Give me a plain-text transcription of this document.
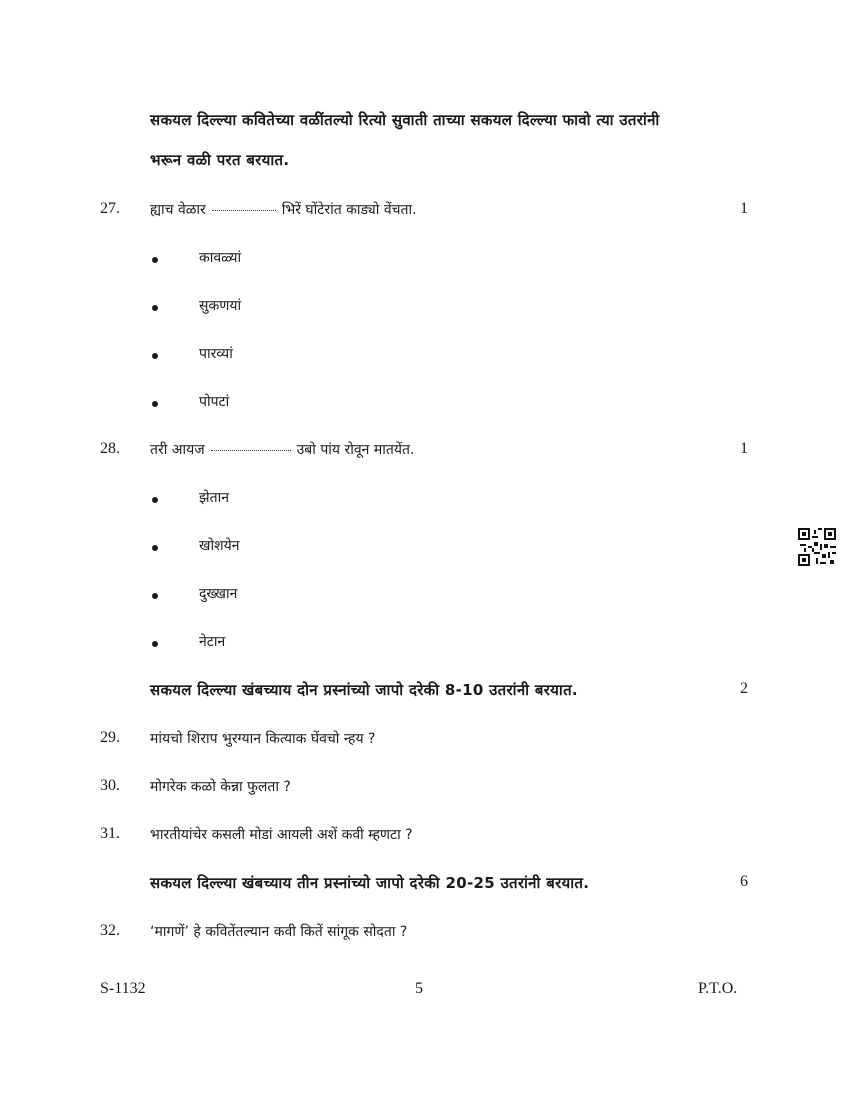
सकयल दिल्ल्या कवितेच्या वळींतल्यो रित्यो सुवाती ताच्या सकयल दिल्ल्या फावो त्या उतरांनी
भरून वळी परत बरयात.
27. ह्याच वेळार	भिरें घोंटेरांत काड्यो वेंचता.	1
कावळ्यां
सुकणयां
पारव्यां
पोपटां
28. तरी आयज	उबो पांय रोवून मातयेंत.	1
झेतान
खोशयेन
दुख्खान
नेटान
सकयल दिल्ल्या खंबच्याय दोन प्रस्नांच्यो जापो दरेकी 8-10 उतरांनी बरयात.	2
29. मांयचो शिराप भुरग्यान कित्याक घेंवचो न्हय ?
30. मोगरेक कळो केन्ना फुलता ?
31. भारतीयांचेर कसली मोडां आयली अशें कवी म्हणटा ?
सकयल दिल्ल्या खंबच्याय तीन प्रस्नांच्यो जापो दरेकी 20-25 उतरांनी बरयात.	6
32. ‘मागणें’ हे कवितेंतल्यान कवी कितें सांगूक सोदता ?
S-1132	5	P.T.O.
